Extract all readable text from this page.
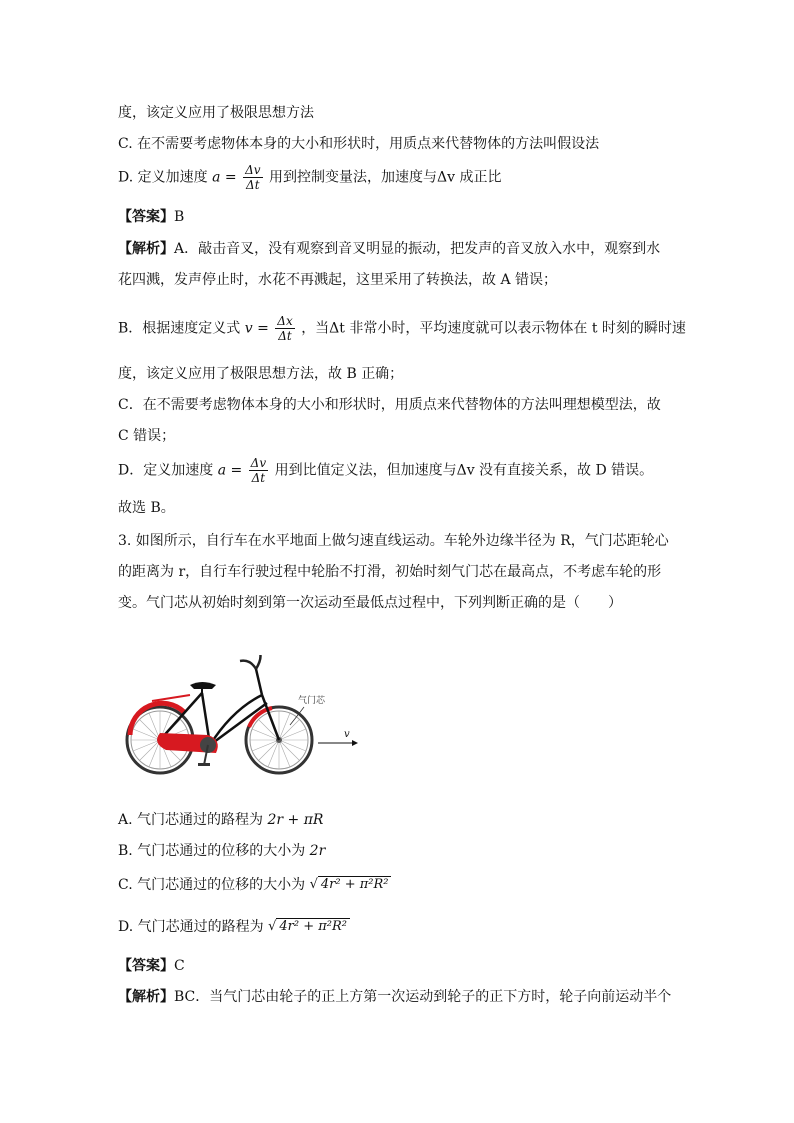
度，该定义应用了极限思想方法
C. 在不需要考虑物体本身的大小和形状时，用质点来代替物体的方法叫假设法
D. 定义加速度 $a = \frac{\Delta v}{\Delta t}$ 用到控制变量法，加速度与Δv 成正比
【答案】B
【解析】A．敲击音叉，没有观察到音叉明显的振动，把发声的音叉放入水中，观察到水
花四溅，发声停止时，水花不再溅起，这里采用了转换法，故 A 错误；
B．根据速度定义式 $v = \frac{\Delta x}{\Delta t}$ ，当Δt 非常小时，平均速度就可以表示物体在 t 时刻的瞬时速
度，该定义应用了极限思想方法，故 B 正确；
C．在不需要考虑物体本身的大小和形状时，用质点来代替物体的方法叫理想模型法，故
C 错误；
D．定义加速度 $a = \frac{\Delta v}{\Delta t}$ 用到比值定义法，但加速度与Δv 没有直接关系，故 D 错误。
故选 B。
3. 如图所示，自行车在水平地面上做匀速直线运动。车轮外边缘半径为 R，气门芯距轮心
的距离为 r，自行车行驶过程中轮胎不打滑，初始时刻气门芯在最高点，不考虑车轮的形
变。气门芯从初始时刻到第一次运动至最低点过程中，下列判断正确的是（　　）
气门芯
v
A. 气门芯通过的路程为 2r + πR
B. 气门芯通过的位移的大小为 2r
C. 气门芯通过的位移的大小为 √ 4r² + π²R²
D. 气门芯通过的路程为 √ 4r² + π²R²
【答案】C
【解析】BC．当气门芯由轮子的正上方第一次运动到轮子的正下方时，轮子向前运动半个
